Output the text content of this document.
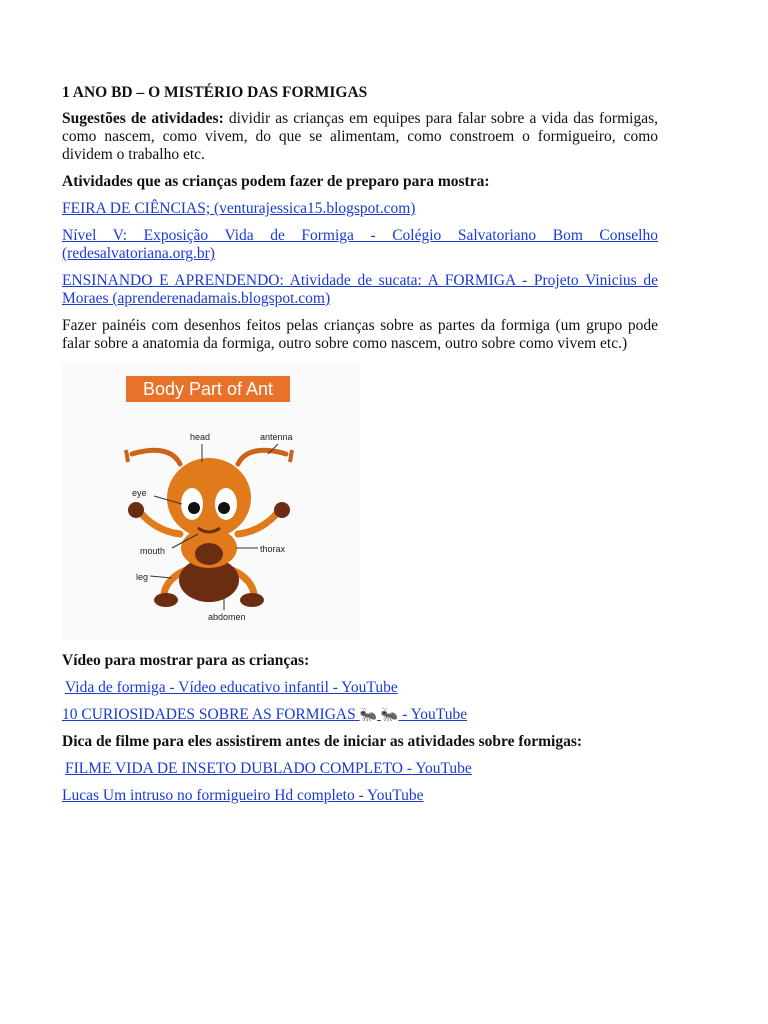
1 ANO BD – O MISTÉRIO DAS FORMIGAS

Sugestões de atividades: dividir as crianças em equipes para falar sobre a vida das formigas, como nascem, como vivem, do que se alimentam, como constroem o formigueiro, como dividem o trabalho etc.

Atividades que as crianças podem fazer de preparo para mostra:

FEIRA DE CIÊNCIAS; (venturajessica15.blogspot.com)

Nível V: Exposição Vida de Formiga - Colégio Salvatoriano Bom Conselho (redesalvatoriana.org.br)

ENSINANDO E APRENDENDO: Atividade de sucata: A FORMIGA - Projeto Vinicius de Moraes (aprenderenadamais.blogspot.com)

Fazer painéis com desenhos feitos pelas crianças sobre as partes da formiga (um grupo pode falar sobre a anatomia da formiga, outro sobre como nascem, outro sobre como vivem etc.)

Body Part of Ant
head	antenna
eye
mouth	thorax
leg
abdomen

Vídeo para mostrar para as crianças:

Vida de formiga - Vídeo educativo infantil - YouTube

10 CURIOSIDADES SOBRE AS FORMIGAS 🐜 🐜 - YouTube

Dica de filme para eles assistirem antes de iniciar as atividades sobre formigas:

FILME VIDA DE INSETO DUBLADO COMPLETO - YouTube

Lucas Um intruso no formigueiro Hd completo - YouTube
